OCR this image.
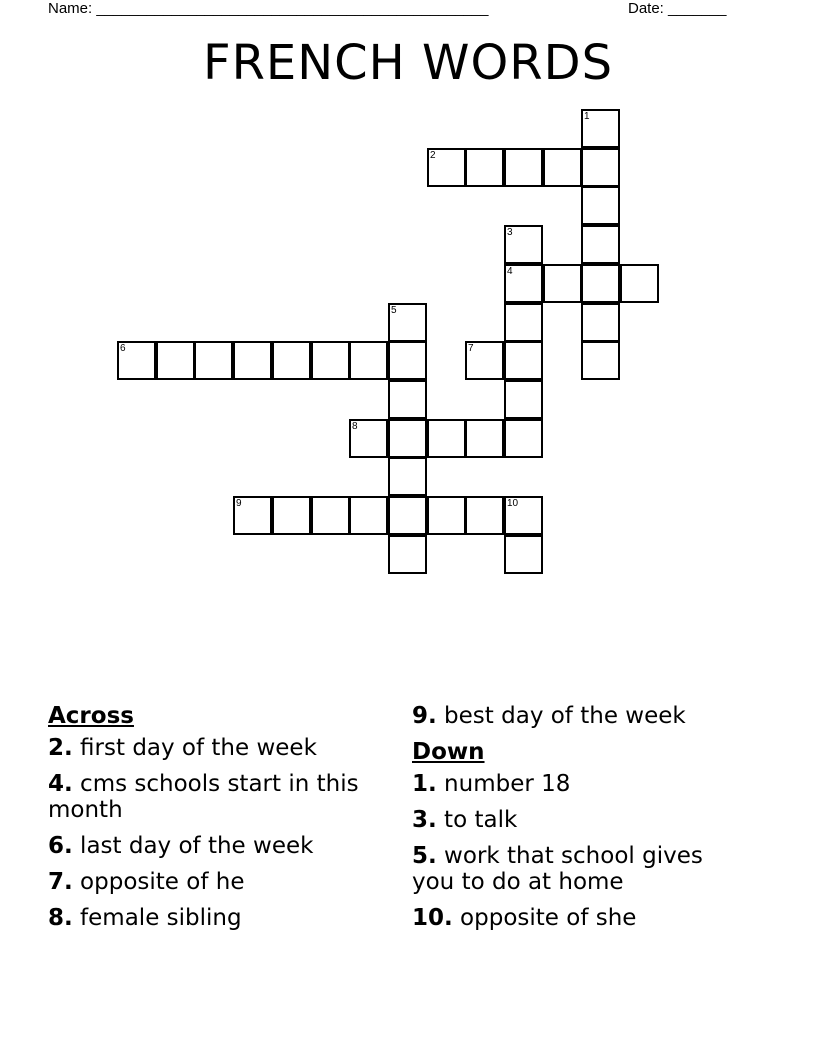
Name: _______________________________________________	Date: _______
FRENCH WORDS
1
2
3
4
5
6	7
8
9	10
Across
2. first day of the week
4. cms schools start in this month
6. last day of the week
7. opposite of he
8. female sibling
9. best day of the week
Down
1. number 18
3. to talk
5. work that school gives you to do at home
10. opposite of she
